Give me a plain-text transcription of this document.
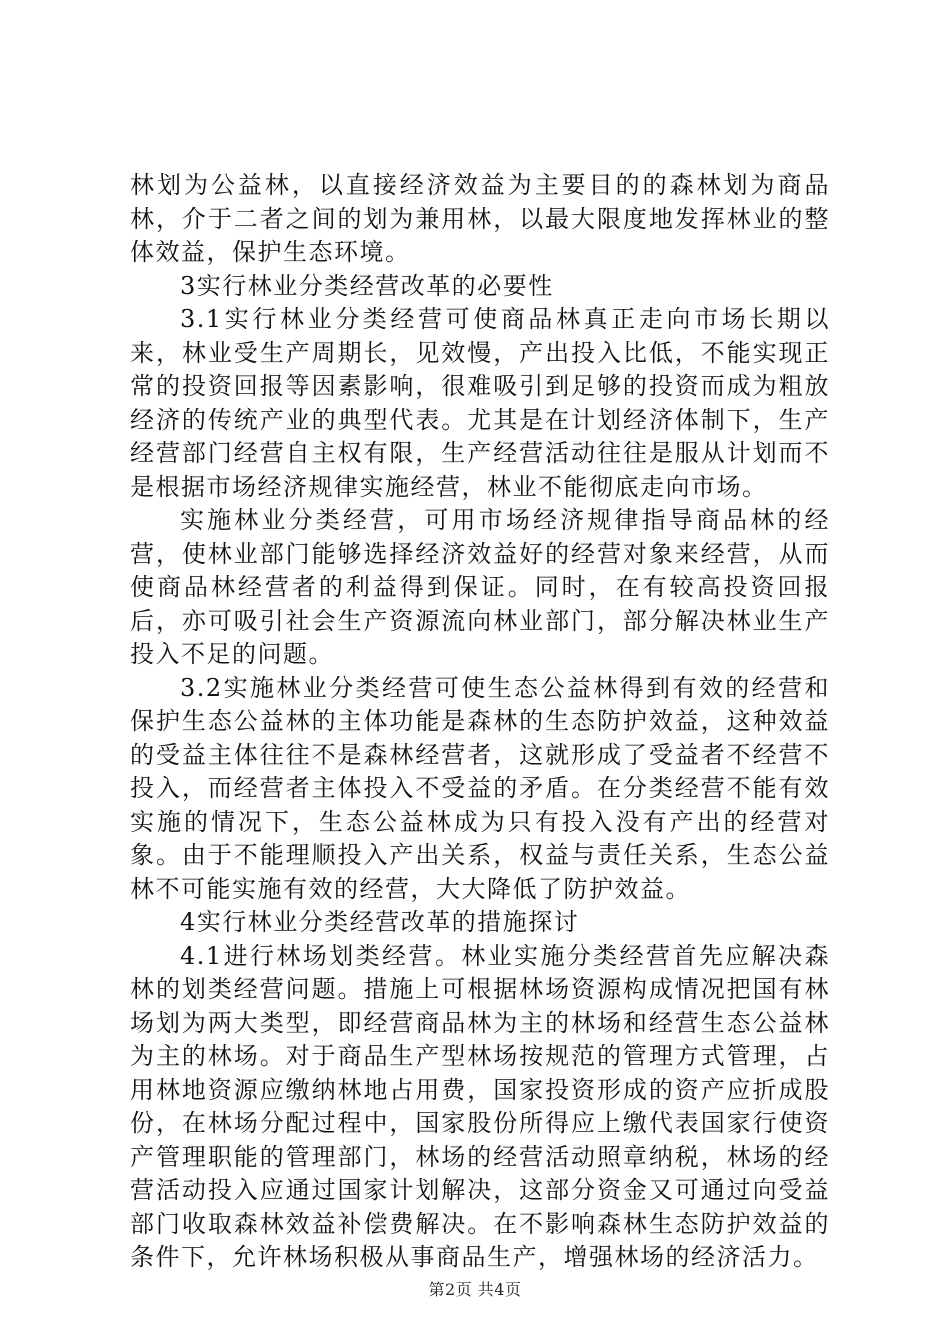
林划为公益林，以直接经济效益为主要目的的森林划为商品林，介于二者之间的划为兼用林，以最大限度地发挥林业的整体效益，保护生态环境。

3实行林业分类经营改革的必要性

3.1实行林业分类经营可使商品林真正走向市场长期以来，林业受生产周期长，见效慢，产出投入比低，不能实现正常的投资回报等因素影响，很难吸引到足够的投资而成为粗放经济的传统产业的典型代表。尤其是在计划经济体制下，生产经营部门经营自主权有限，生产经营活动往往是服从计划而不是根据市场经济规律实施经营，林业不能彻底走向市场。

实施林业分类经营，可用市场经济规律指导商品林的经营，使林业部门能够选择经济效益好的经营对象来经营，从而使商品林经营者的利益得到保证。同时，在有较高投资回报后，亦可吸引社会生产资源流向林业部门，部分解决林业生产投入不足的问题。

3.2实施林业分类经营可使生态公益林得到有效的经营和保护生态公益林的主体功能是森林的生态防护效益，这种效益的受益主体往往不是森林经营者，这就形成了受益者不经营不投入，而经营者主体投入不受益的矛盾。在分类经营不能有效实施的情况下，生态公益林成为只有投入没有产出的经营对象。由于不能理顺投入产出关系，权益与责任关系，生态公益林不可能实施有效的经营，大大降低了防护效益。

4实行林业分类经营改革的措施探讨

4.1进行林场划类经营。林业实施分类经营首先应解决森林的划类经营问题。措施上可根据林场资源构成情况把国有林场划为两大类型，即经营商品林为主的林场和经营生态公益林为主的林场。对于商品生产型林场按规范的管理方式管理，占用林地资源应缴纳林地占用费，国家投资形成的资产应折成股份，在林场分配过程中，国家股份所得应上缴代表国家行使资产管理职能的管理部门，林场的经营活动照章纳税，林场的经营活动投入应通过国家计划解决，这部分资金又可通过向受益部门收取森林效益补偿费解决。在不影响森林生态防护效益的条件下，允许林场积极从事商品生产，增强林场的经济活力。

第2页 共4页
